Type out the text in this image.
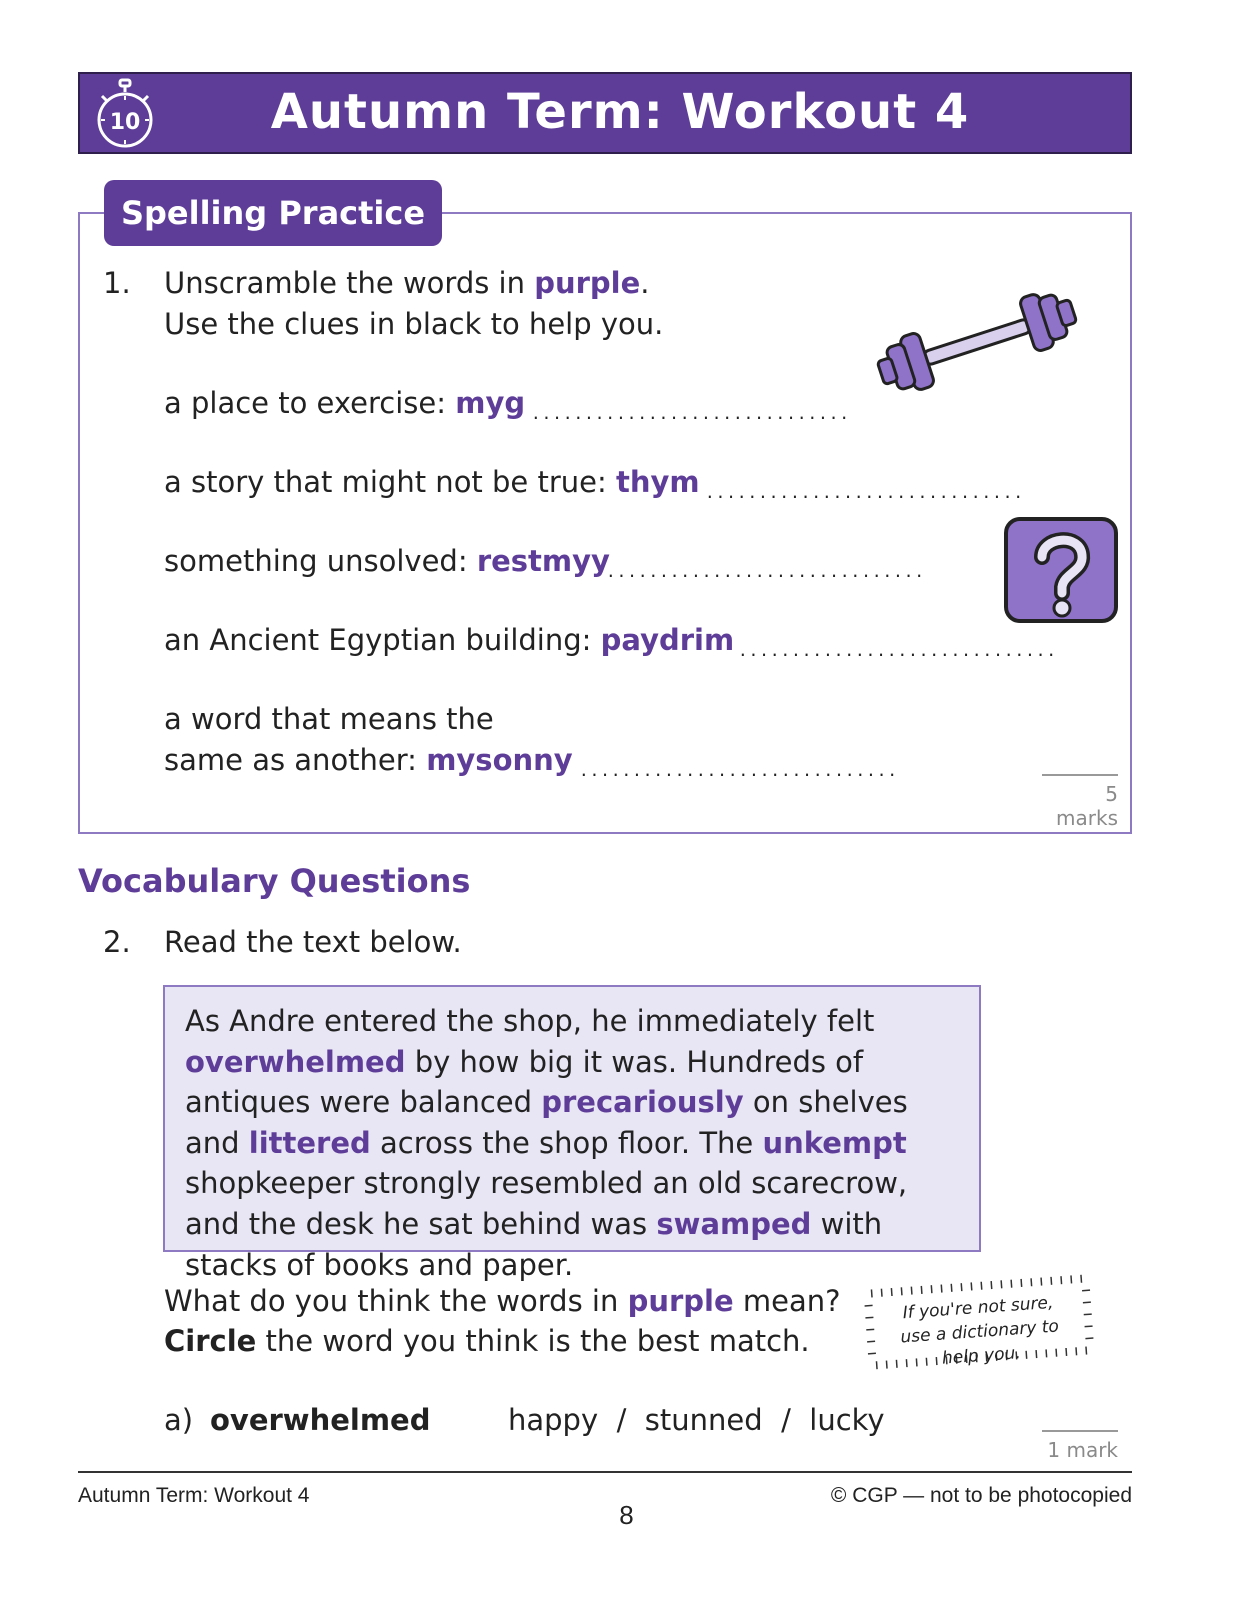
10	Autumn Term: Workout 4
Spelling Practice
1. Unscramble the words in purple.
Use the clues in black to help you.
a place to exercise: myg ..............................
a story that might not be true: thym ..............................
something unsolved: restmyy
..............................
an Ancient Egyptian building: paydrim ..............................
a word that means the
same as another: mysonny ..............................
5 marks
Vocabulary Questions
2. Read the text below.
As Andre entered the shop, he immediately felt
overwhelmed by how big it was. Hundreds of antiques were balanced precariously on shelves and littered across the shop floor. The unkempt shopkeeper strongly resembled an old scarecrow, and the desk he sat behind was swamped with stacks of books and paper.
What do you think the words in purple mean?
Circle the word you think is the best match.
If you're not sure, use a dictionary to help you.
a) overwhelmed	happy  /  stunned  /  lucky
1 mark
Autumn Term: Workout 4	© CGP — not to be photocopied
8
